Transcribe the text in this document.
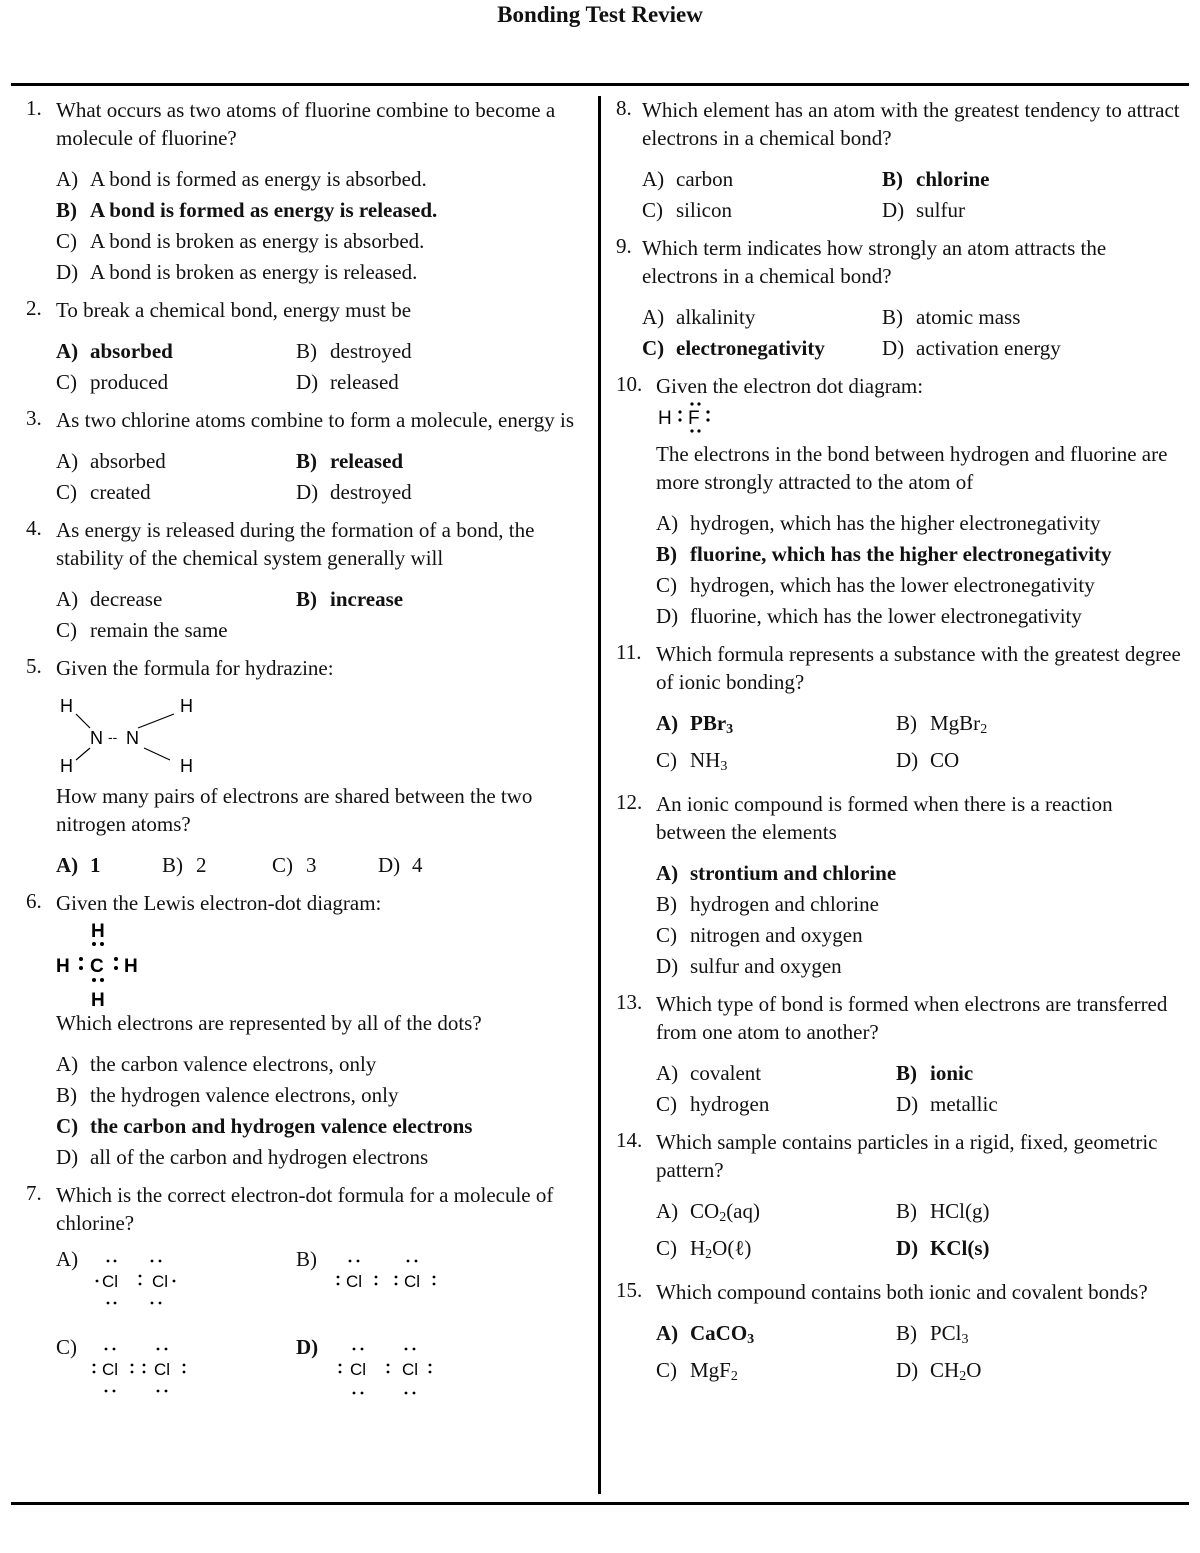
Bonding Test Review
1. What occurs as two atoms of fluorine combine to become a molecule of fluorine?

A) A bond is formed as energy is absorbed.
B) A bond is formed as energy is released.
C) A bond is broken as energy is absorbed.
D) A bond is broken as energy is released.
2. To break a chemical bond, energy must be

A) absorbed	B) destroyed
C) produced	D) released
3. As two chlorine atoms combine to form a molecule, energy is

A) absorbed	B) released
C) created	D) destroyed
4. As energy is released during the formation of a bond, the stability of the chemical system generally will

A) decrease	B) increase
C) remain the same
5. Given the formula for hydrazine:

H	H
H	H
N -- N

How many pairs of electrons are shared between the two nitrogen atoms?

A) 1	B) 2	C) 3	D) 4
6. Given the Lewis electron-dot diagram:

H
H C H
H

Which electrons are represented by all of the dots?

A) the carbon valence electrons, only
B) the hydrogen valence electrons, only
C) the carbon and hydrogen valence electrons
D) all of the carbon and hydrogen electrons
7. Which is the correct electron-dot formula for a molecule of chlorine?

A)
Cl Cl
B)
Cl Cl
C)
Cl Cl
D)
Cl Cl
8. Which element has an atom with the greatest tendency to attract electrons in a chemical bond?

A) carbon	B) chlorine
C) silicon	D) sulfur
9. Which term indicates how strongly an atom attracts the electrons in a chemical bond?

A) alkalinity	B) atomic mass
C) electronegativity	D) activation energy
10. Given the electron dot diagram:

H F

The electrons in the bond between hydrogen and fluorine are more strongly attracted to the atom of

A) hydrogen, which has the higher electronegativity
B) fluorine, which has the higher electronegativity
C) hydrogen, which has the lower electronegativity
D) fluorine, which has the lower electronegativity
11. Which formula represents a substance with the greatest degree of ionic bonding?

A) PBr$_3$	B) MgBr$_2$
C) $NH_3$	D) CO
12. An ionic compound is formed when there is a reaction between the elements

A) strontium and chlorine
B) hydrogen and chlorine
C) nitrogen and oxygen
D) sulfur and oxygen
13. Which type of bond is formed when electrons are transferred from one atom to another?

A) covalent	B) ionic
C) hydrogen	D) metallic
14. Which sample contains particles in a rigid, fixed, geometric pattern?

A) $CO_2(aq)$	B) HCl(g)
C) $H_2O(\ell)$	D) KCl(s)
15. Which compound contains both ionic and covalent bonds?

A) CaCO$_3$	B) PCl$_3$
C) MgF$_2$	D) $CH_2O$
